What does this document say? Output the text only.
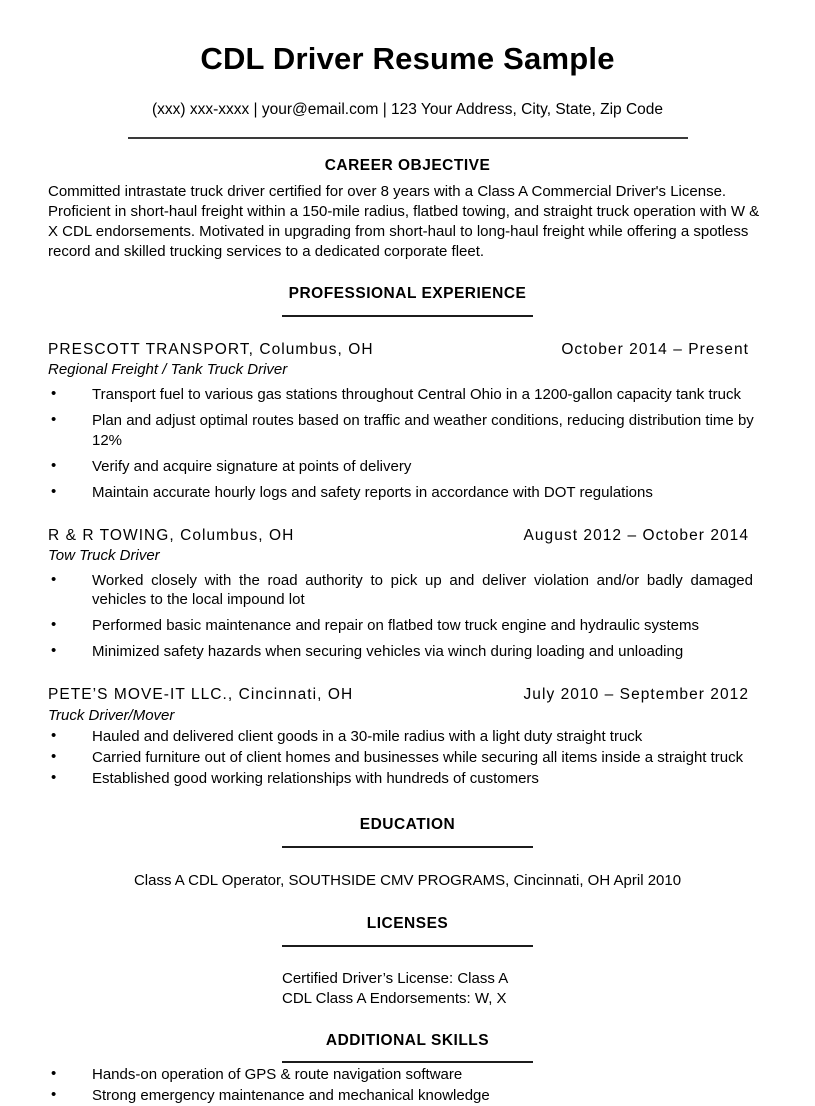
CDL Driver Resume Sample
(xxx) xxx-xxxx | your@email.com | 123 Your Address, City, State, Zip Code
CAREER OBJECTIVE

Committed intrastate truck driver certified for over 8 years with a Class A Commercial Driver's License. Proficient in short-haul freight within a 150-mile radius, flatbed towing, and straight truck operation with W & X CDL endorsements. Motivated in upgrading from short-haul to long-haul freight while offering a spotless record and skilled trucking services to a dedicated corporate fleet.

PROFESSIONAL EXPERIENCE
PRESCOTT TRANSPORT, Columbus, OH	October 2014 – Present
Regional Freight / Tank Truck Driver
• Transport fuel to various gas stations throughout Central Ohio in a 1200-gallon capacity tank truck
• Plan and adjust optimal routes based on traffic and weather conditions, reducing distribution time by 12%
• Verify and acquire signature at points of delivery
• Maintain accurate hourly logs and safety reports in accordance with DOT regulations
R & R TOWING, Columbus, OH	August 2012 – October 2014
Tow Truck Driver
• Worked closely with the road authority to pick up and deliver violation and/or badly damaged vehicles to the local impound lot
• Performed basic maintenance and repair on flatbed tow truck engine and hydraulic systems
• Minimized safety hazards when securing vehicles via winch during loading and unloading
PETE’S MOVE-IT LLC., Cincinnati, OH	July 2010 – September 2012
Truck Driver/Mover
• Hauled and delivered client goods in a 30-mile radius with a light duty straight truck
• Carried furniture out of client homes and businesses while securing all items inside a straight truck
• Established good working relationships with hundreds of customers
EDUCATION
Class A CDL Operator, SOUTHSIDE CMV PROGRAMS, Cincinnati, OH April 2010
LICENSES
Certified Driver’s License: Class A
CDL Class A Endorsements: W, X
ADDITIONAL SKILLS
• Hands-on operation of GPS & route navigation software
• Strong emergency maintenance and mechanical knowledge
